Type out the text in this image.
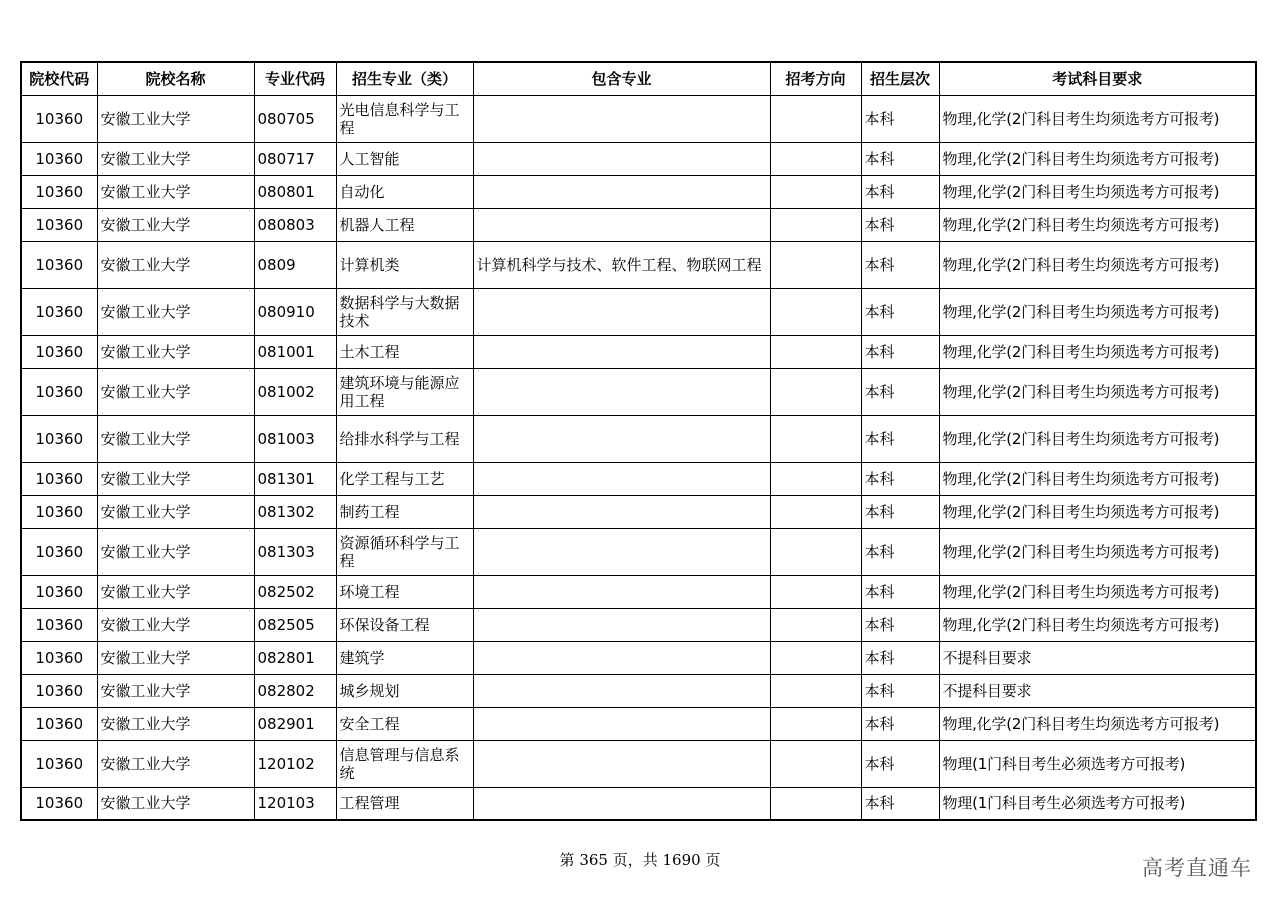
院校代码	院校名称	专业代码	招生专业（类）	包含专业	招考方向	招生层次	考试科目要求
10360	安徽工业大学	080705	光电信息科学与工程			本科	物理,化学(2门科目考生均须选考方可报考)
10360	安徽工业大学	080717	人工智能			本科	物理,化学(2门科目考生均须选考方可报考)
10360	安徽工业大学	080801	自动化			本科	物理,化学(2门科目考生均须选考方可报考)
10360	安徽工业大学	080803	机器人工程			本科	物理,化学(2门科目考生均须选考方可报考)
10360	安徽工业大学	0809	计算机类	计算机科学与技术、软件工程、物联网工程		本科	物理,化学(2门科目考生均须选考方可报考)
10360	安徽工业大学	080910	数据科学与大数据技术			本科	物理,化学(2门科目考生均须选考方可报考)
10360	安徽工业大学	081001	土木工程			本科	物理,化学(2门科目考生均须选考方可报考)
10360	安徽工业大学	081002	建筑环境与能源应用工程			本科	物理,化学(2门科目考生均须选考方可报考)
10360	安徽工业大学	081003	给排水科学与工程			本科	物理,化学(2门科目考生均须选考方可报考)
10360	安徽工业大学	081301	化学工程与工艺			本科	物理,化学(2门科目考生均须选考方可报考)
10360	安徽工业大学	081302	制药工程			本科	物理,化学(2门科目考生均须选考方可报考)
10360	安徽工业大学	081303	资源循环科学与工程			本科	物理,化学(2门科目考生均须选考方可报考)
10360	安徽工业大学	082502	环境工程			本科	物理,化学(2门科目考生均须选考方可报考)
10360	安徽工业大学	082505	环保设备工程			本科	物理,化学(2门科目考生均须选考方可报考)
10360	安徽工业大学	082801	建筑学			本科	不提科目要求
10360	安徽工业大学	082802	城乡规划			本科	不提科目要求
10360	安徽工业大学	082901	安全工程			本科	物理,化学(2门科目考生均须选考方可报考)
10360	安徽工业大学	120102	信息管理与信息系统			本科	物理(1门科目考生必须选考方可报考)
10360	安徽工业大学	120103	工程管理			本科	物理(1门科目考生必须选考方可报考)
第 365 页，共 1690 页	高考直通车
